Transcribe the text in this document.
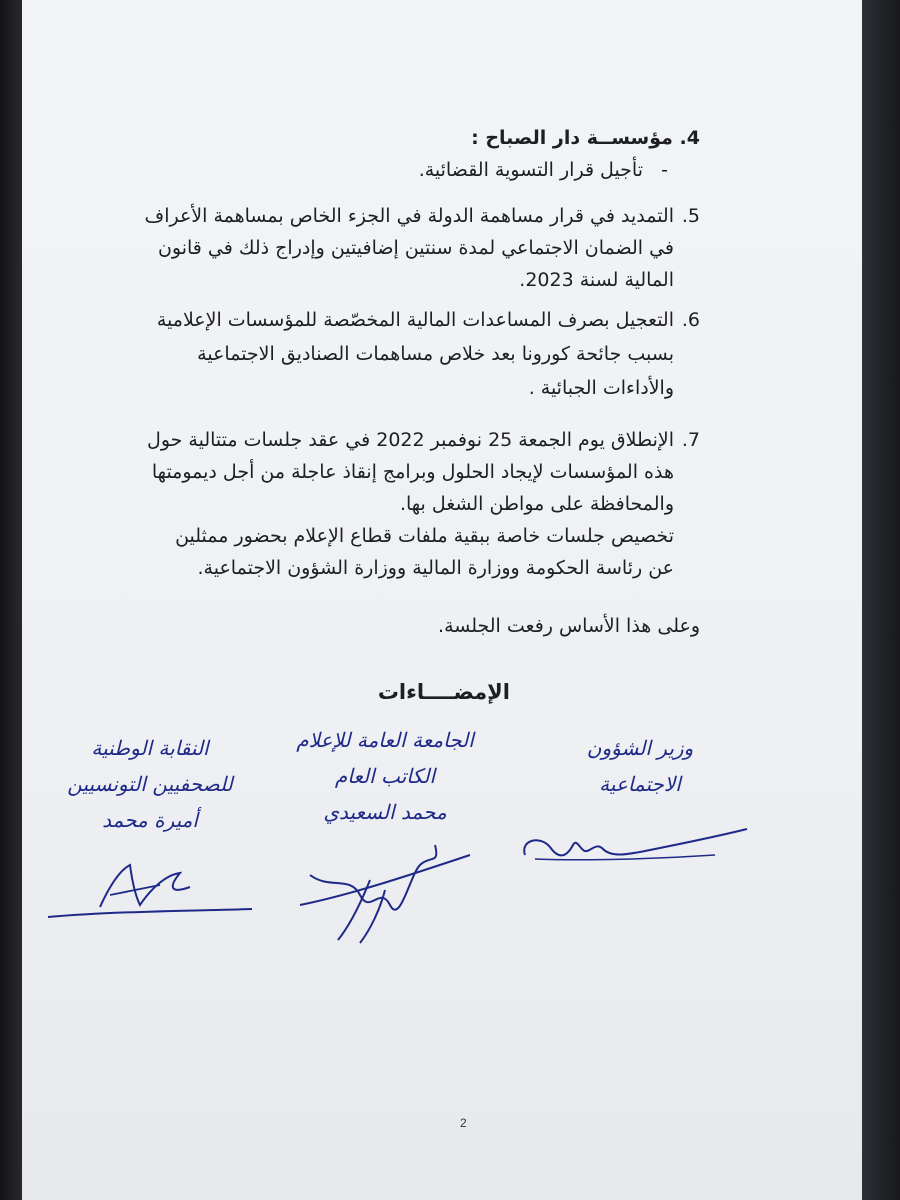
4. مؤسســة دار الصباح :
-   تأجيل قرار التسوية القضائية.
5.
التمديد في قرار مساهمة الدولة في الجزء الخاص بمساهمة الأعراف
في الضمان الاجتماعي لمدة سنتين إضافيتين وإدراج ذلك في قانون
المالية لسنة 2023.
6.
التعجيل بصرف المساعدات المالية المخصّصة للمؤسسات الإعلامية
بسبب جائحة كورونا بعد خلاص مساهمات الصناديق الاجتماعية
والأداءات الجبائية .
7.
الإنطلاق يوم الجمعة 25 نوفمبر 2022 في عقد جلسات متتالية حول
هذه المؤسسات لإيجاد الحلول وبرامج إنقاذ عاجلة من أجل ديمومتها
والمحافظة على مواطن الشغل بها.
تخصيص جلسات خاصة ببقية ملفات قطاع الإعلام بحضور ممثلين
عن رئاسة الحكومة ووزارة المالية ووزارة الشؤون الاجتماعية.
وعلى هذا الأساس رفعت الجلسة.
الإمضــــاءات
وزير الشؤون
الاجتماعية
الجامعة العامة للإعلام
الكاتب العام
محمد السعيدي
النقابة الوطنية
للصحفيين التونسيين
أميرة محمد
2
